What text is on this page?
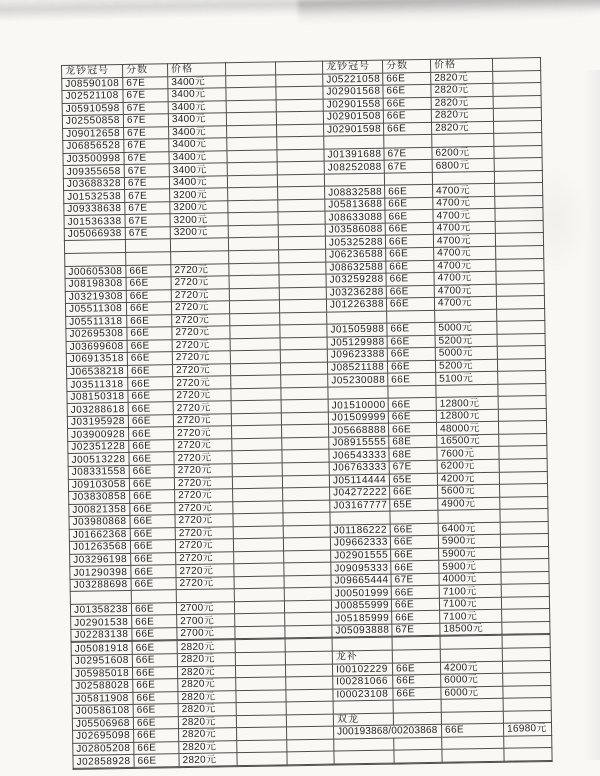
龙钞冠号	分数	价格			龙钞冠号	分数	价格	
J08590108	67E	3400元			J05221058	66E	2820元	
J02521108	67E	3400元			J02901568	66E	2820元	
J05910598	67E	3400元			J02901558	66E	2820元	
J02550858	67E	3400元			J02901508	66E	2820元	
J09012658	67E	3400元			J02901598	66E	2820元	
J06856528	67E	3400元						
J03500998	67E	3400元			J01391688	67E	6200元	
J09355658	67E	3400元			J08252088	67E	6800元	
J03688328	67E	3400元						
J01532538	67E	3200元			J08832588	66E	4700元	
J09338638	67E	3200元			J05813688	66E	4700元	
J01536338	67E	3200元			J08633088	66E	4700元	
J05066938	67E	3200元			J03586088	66E	4700元	
					J05325288	66E	4700元	
					J06236588	66E	4700元	
J00605308	66E	2720元			J08632588	66E	4700元	
J08198308	66E	2720元			J03259288	66E	4700元	
J03219308	66E	2720元			J03236288	66E	4700元	
J05511308	66E	2720元			J01226388	66E	4700元	
J05511318	66E	2720元						
J02695308	66E	2720元			J01505988	66E	5000元	
J03699608	66E	2720元			J05129988	66E	5200元	
J06913518	66E	2720元			J09623388	66E	5000元	
J06538218	66E	2720元			J08521188	66E	5200元	
J03511318	66E	2720元			J05230088	66E	5100元	
J08150318	66E	2720元						
J03288618	66E	2720元			J01510000	66E	12800元	
J03195928	66E	2720元			J01509999	66E	12800元	
J03900928	66E	2720元			J05668888	66E	48000元	
J02351228	66E	2720元			J08915555	68E	16500元	
J00513228	66E	2720元			J06543333	68E	7600元	
J08331558	66E	2720元			J06763333	67E	6200元	
J09103058	66E	2720元			J05114444	65E	4200元	
J03830858	66E	2720元			J04272222	66E	5600元	
J00821358	66E	2720元			J03167777	65E	4900元	
J03980868	66E	2720元						
J01662368	66E	2720元			J01186222	66E	6400元	
J01263568	66E	2720元			J09662333	66E	5900元	
J03296198	66E	2720元			J02901555	66E	5900元	
J01290398	66E	2720元			J09095333	66E	5900元	
J03288698	66E	2720元			J09665444	67E	4000元	
					J00501999	66E	7100元	
J01358238	66E	2700元			J00855999	66E	7100元	
J02901538	66E	2700元			J05185999	66E	7100元	
J02283138	66E	2700元			J05093888	67E	18500元	

J05081918	66E	2820元						
J02951608	66E	2820元			龙补			
J05985018	66E	2820元			I00102229	66E	4200元	
J02588028	66E	2820元			I00281066	66E	6000元	
J05811908	66E	2820元			I00023108	66E	6000元	
J00586108	66E	2820元						
J05506968	66E	2820元			双龙			
J02695098	66E	2820元			J00193868/00203868		66E	16980元
J02805208	66E	2820元						
J02858928	66E	2820元						
